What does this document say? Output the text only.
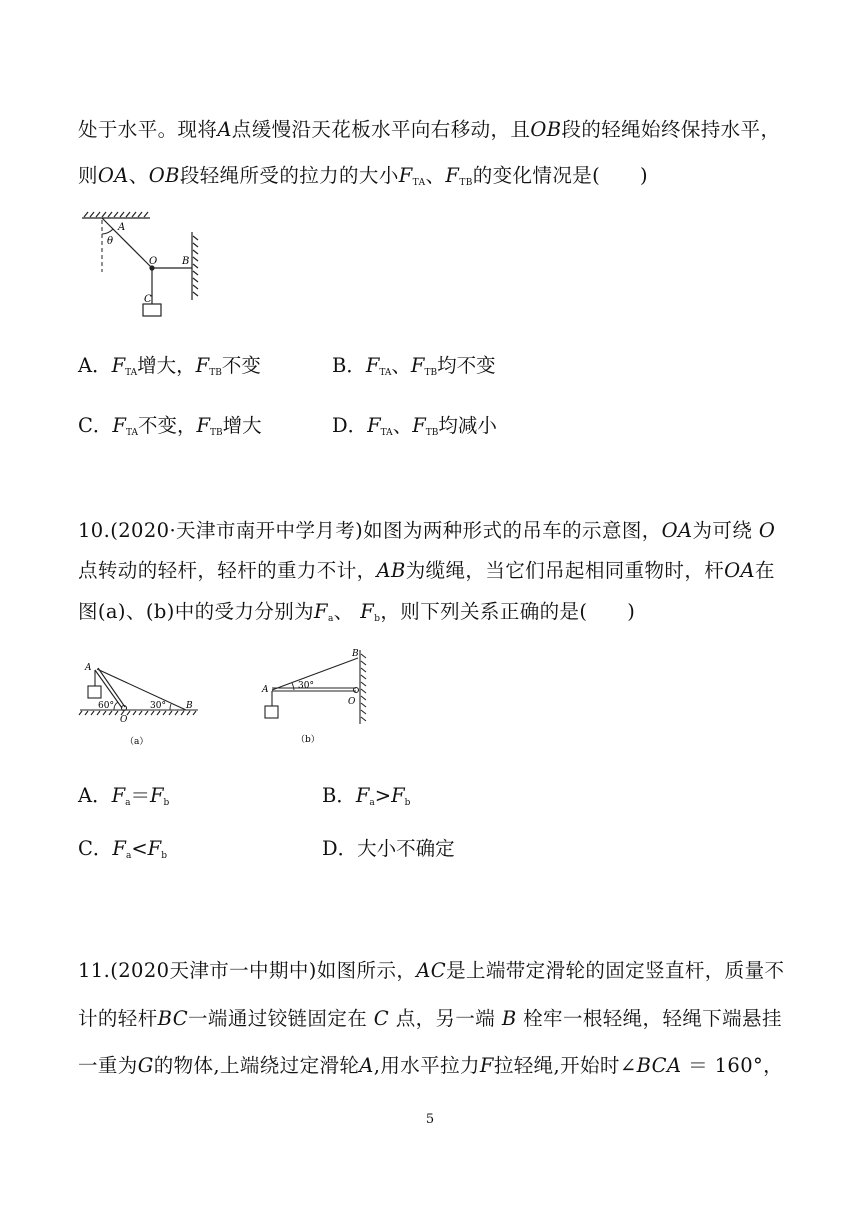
处于水平。现将A点缓慢沿天花板水平向右移动，且OB段的轻绳始终保持水平，
则OA、OB段轻绳所受的拉力的大小$F_{TA}$、$F_{TB}$的变化情况是(　　)
A
θ
O B
C
A．$F_{TA}$增大，$F_{TB}$不变	B．$F_{TA}$、$F_{TB}$均不变
C．$F_{TA}$不变，$F_{TB}$增大	D．$F_{TA}$、$F_{TB}$均减小
10.(2020·天津市南开中学月考)如图为两种形式的吊车的示意图，OA为可绕 O
点转动的轻杆，轻杆的重力不计，AB为缆绳，当它们吊起相同重物时，杆OA在
图(a)、(b)中的受力分别为$F_a$、 $F_b$，则下列关系正确的是(　　)
A
60°
O
30° B
（a）
B
A	30°
O
（b）
A．$F_a=F_b$	B．$F_a>F_b$
C．$F_a<F_b$	D．大小不确定
11.(2020天津市一中期中)如图所示，AC是上端带定滑轮的固定竖直杆，质量不
计的轻杆BC一端通过铰链固定在 C 点，另一端 B 栓牢一根轻绳，轻绳下端悬挂
一重为G的物体,上端绕过定滑轮A,用水平拉力F拉轻绳,开始时∠BCA ＝ 160°，
5
